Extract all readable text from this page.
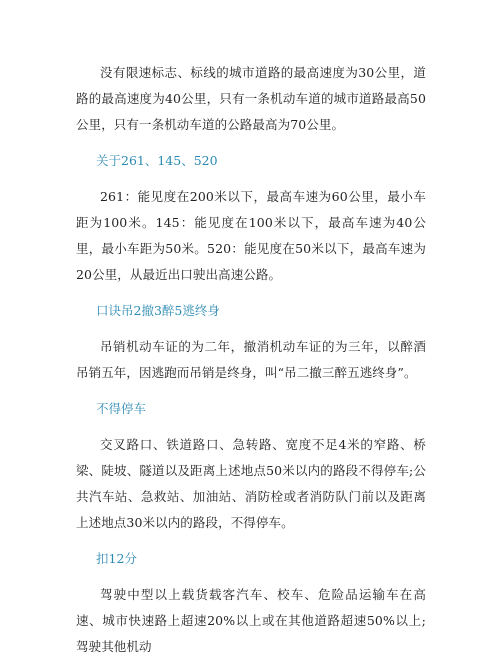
没有限速标志、标线的城市道路的最高速度为30公里，道路的最高速度为40公里，只有一条机动车道的城市道路最高50公里，只有一条机动车道的公路最高为70公里。

关于261、145、520

261：能见度在200米以下，最高车速为60公里，最小车距为100米。145：能见度在100米以下，最高车速为40公里，最小车距为50米。520：能见度在50米以下，最高车速为20公里，从最近出口驶出高速公路。

口诀吊2撤3醉5逃终身

吊销机动车证的为二年，撤消机动车证的为三年，以醉酒吊销五年，因逃跑而吊销是终身，叫“吊二撤三醉五逃终身”。

不得停车

交叉路口、铁道路口、急转路、宽度不足4米的窄路、桥梁、陡坡、隧道以及距离上述地点50米以内的路段不得停车;公共汽车站、急救站、加油站、消防栓或者消防队门前以及距离上述地点30米以内的路段，不得停车。

扣12分

驾驶中型以上载货载客汽车、校车、危险品运输车在高速、城市快速路上超速20%以上或在其他道路超速50%以上;驾驶其他机动
